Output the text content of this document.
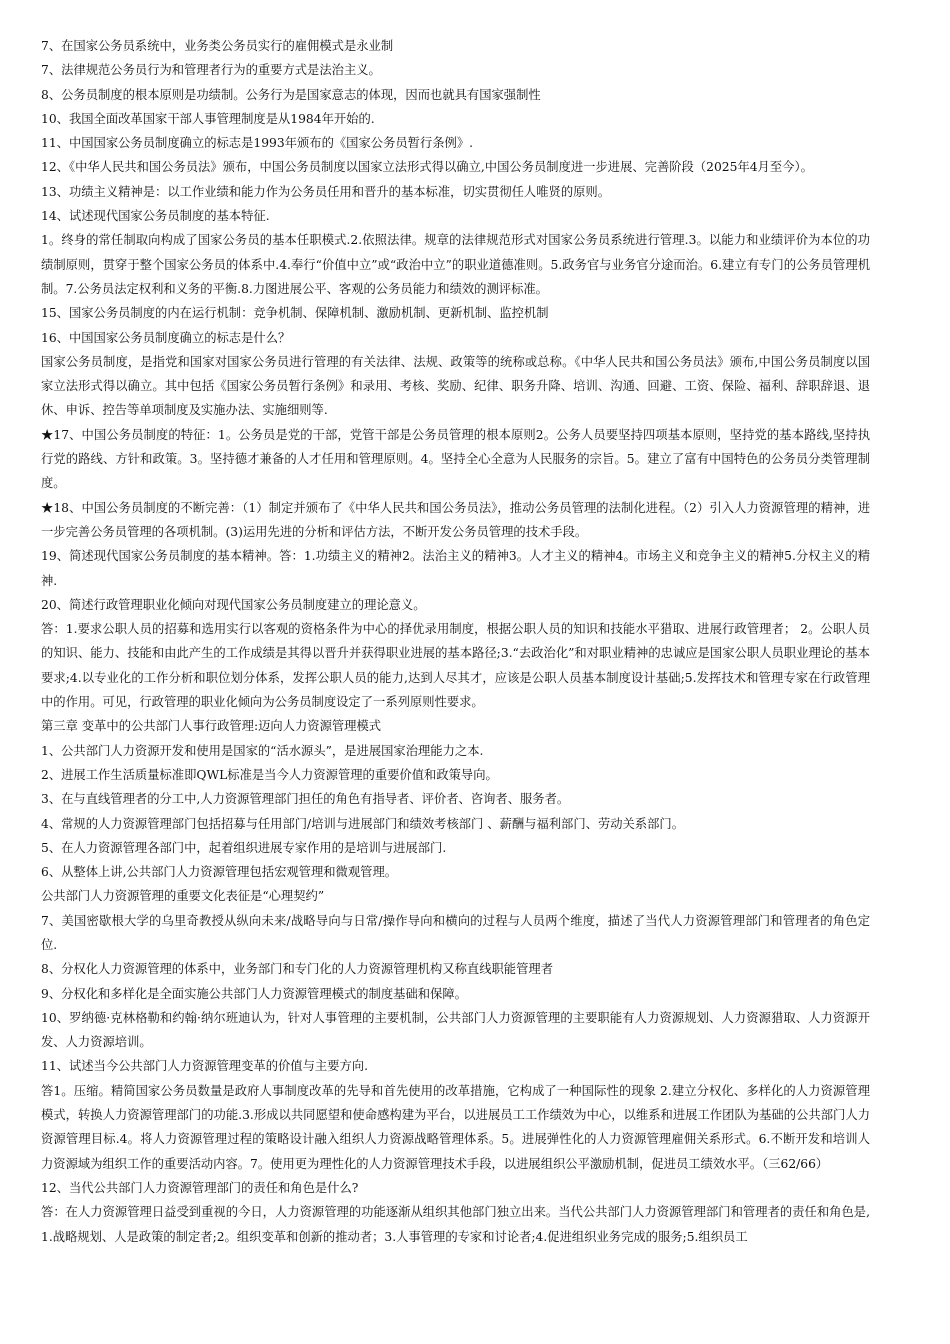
7、在国家公务员系统中，业务类公务员实行的雇佣模式是永业制

7、法律规范公务员行为和管理者行为的重要方式是法治主义。

8、公务员制度的根本原则是功绩制。公务行为是国家意志的体现，因而也就具有国家强制性

10、我国全面改革国家干部人事管理制度是从1984年开始的.

11、中国国家公务员制度确立的标志是1993年颁布的《国家公务员暂行条例》.

12、《中华人民共和国公务员法》颁布，中国公务员制度以国家立法形式得以确立,中国公务员制度进一步进展、完善阶段（2025年4月至今）。

13、功绩主义精神是：以工作业绩和能力作为公务员任用和晋升的基本标准，切实贯彻任人唯贤的原则。

14、试述现代国家公务员制度的基本特征.

1。终身的常任制取向构成了国家公务员的基本任职模式.2.依照法律。规章的法律规范形式对国家公务员系统进行管理.3。以能力和业绩评价为本位的功绩制原则，贯穿于整个国家公务员的体系中.4.奉行“价值中立”或“政治中立”的职业道德准则。5.政务官与业务官分途而治。6.建立有专门的公务员管理机制。7.公务员法定权利和义务的平衡.8.力图进展公平、客观的公务员能力和绩效的测评标准。

15、国家公务员制度的内在运行机制：竞争机制、保障机制、激励机制、更新机制、监控机制

16、中国国家公务员制度确立的标志是什么？

国家公务员制度，是指党和国家对国家公务员进行管理的有关法律、法规、政策等的统称或总称。《中华人民共和国公务员法》颁布,中国公务员制度以国家立法形式得以确立。其中包括《国家公务员暂行条例》和录用、考核、奖励、纪律、职务升降、培训、沟通、回避、工资、保险、福利、辞职辞退、退休、申诉、控告等单项制度及实施办法、实施细则等.

★17、中国公务员制度的特征：1。公务员是党的干部，党管干部是公务员管理的根本原则2。公务人员要坚持四项基本原则，坚持党的基本路线,坚持执行党的路线、方针和政策。3。坚持德才兼备的人才任用和管理原则。4。坚持全心全意为人民服务的宗旨。5。建立了富有中国特色的公务员分类管理制度。

★18、中国公务员制度的不断完善：（1）制定并颁布了《中华人民共和国公务员法》，推动公务员管理的法制化进程。（2）引入人力资源管理的精神，进一步完善公务员管理的各项机制。(3)运用先进的分析和评估方法，不断开发公务员管理的技术手段。

19、简述现代国家公务员制度的基本精神。答：1.功绩主义的精神2。法治主义的精神3。人才主义的精神4。市场主义和竞争主义的精神5.分权主义的精神.

20、简述行政管理职业化倾向对现代国家公务员制度建立的理论意义。

答：1.要求公职人员的招募和选用实行以客观的资格条件为中心的择优录用制度，根据公职人员的知识和技能水平猎取、进展行政管理者； 2。公职人员的知识、能力、技能和由此产生的工作成绩是其得以晋升并获得职业进展的基本路径;3.“去政治化”和对职业精神的忠诚应是国家公职人员职业理论的基本要求;4.以专业化的工作分析和职位划分体系，发挥公职人员的能力,达到人尽其才，应该是公职人员基本制度设计基础;5.发挥技术和管理专家在行政管理中的作用。可见，行政管理的职业化倾向为公务员制度设定了一系列原则性要求。

第三章 变革中的公共部门人事行政管理:迈向人力资源管理模式

1、公共部门人力资源开发和使用是国家的“活水源头”，是进展国家治理能力之本.

2、进展工作生活质量标准即QWL标准是当今人力资源管理的重要价值和政策导向。

3、在与直线管理者的分工中,人力资源管理部门担任的角色有指导者、评价者、咨询者、服务者。

4、常规的人力资源管理部门包括招募与任用部门/培训与进展部门和绩效考核部门 、薪酬与福利部门、劳动关系部门。

5、在人力资源管理各部门中，起着组织进展专家作用的是培训与进展部门.

6、从整体上讲,公共部门人力资源管理包括宏观管理和微观管理。

公共部门人力资源管理的重要文化表征是“心理契约”

7、美国密歇根大学的乌里奇教授从纵向未来/战略导向与日常/操作导向和横向的过程与人员两个维度，描述了当代人力资源管理部门和管理者的角色定位.

8、分权化人力资源管理的体系中，业务部门和专门化的人力资源管理机构又称直线职能管理者

9、分权化和多样化是全面实施公共部门人力资源管理模式的制度基础和保障。

10、罗纳德·克林格勒和约翰·纳尔班迪认为，针对人事管理的主要机制，公共部门人力资源管理的主要职能有人力资源规划、人力资源猎取、人力资源开发、人力资源培训。

11、试述当今公共部门人力资源管理变革的价值与主要方向.

答1。压缩。精简国家公务员数量是政府人事制度改革的先导和首先使用的改革措施，它构成了一种国际性的现象 2.建立分权化、多样化的人力资源管理模式，转换人力资源管理部门的功能.3.形成以共同愿望和使命感构建为平台，以进展员工工作绩效为中心，以维系和进展工作团队为基础的公共部门人力资源管理目标.4。将人力资源管理过程的策略设计融入组织人力资源战略管理体系。5。进展弹性化的人力资源管理雇佣关系形式。6.不断开发和培训人力资源域为组织工作的重要活动内容。7。使用更为理性化的人力资源管理技术手段，以进展组织公平激励机制，促进员工绩效水平。（三62/66）

12、当代公共部门人力资源管理部门的责任和角色是什么?

答：在人力资源管理日益受到重视的今日，人力资源管理的功能逐渐从组织其他部门独立出来。当代公共部门人力资源管理部门和管理者的责任和角色是,1.战略规划、人是政策的制定者;2。组织变革和创新的推动者；3.人事管理的专家和讨论者;4.促进组织业务完成的服务;5.组织员工
